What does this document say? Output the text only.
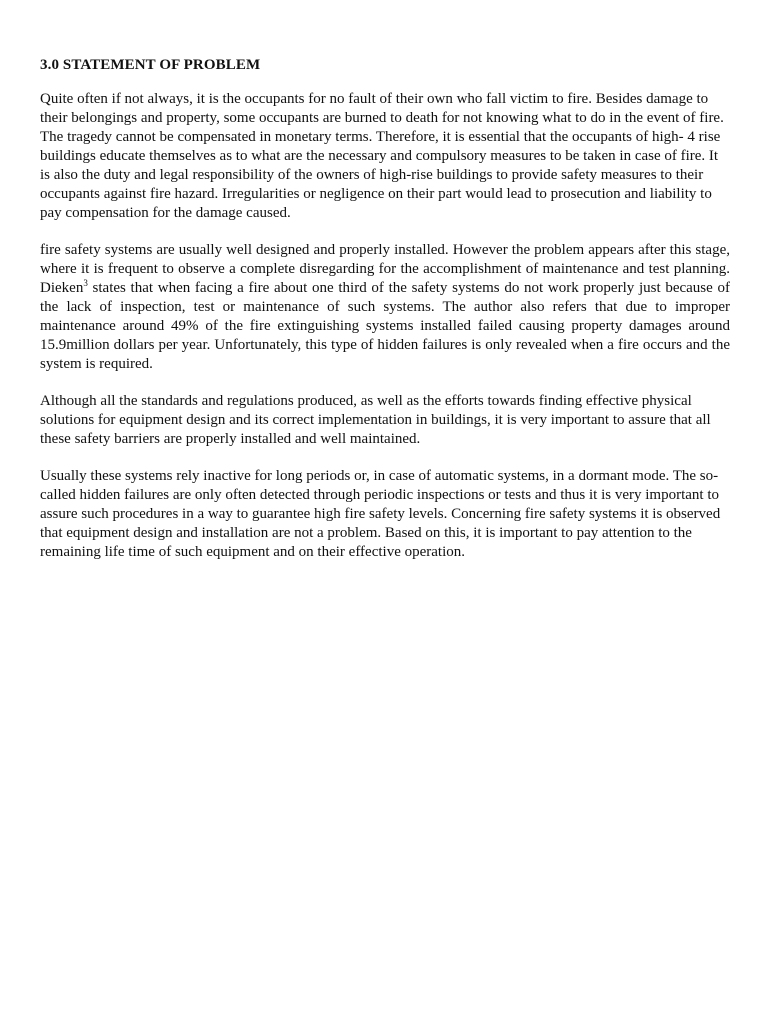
3.0 STATEMENT OF PROBLEM

Quite often if not always, it is the occupants for no fault of their own who fall victim to fire. Besides damage to their belongings and property, some occupants are burned to death for not knowing what to do in the event of fire. The tragedy cannot be compensated in monetary terms. Therefore, it is essential that the occupants of high- 4 rise buildings educate themselves as to what are the necessary and compulsory measures to be taken in case of fire. It is also the duty and legal responsibility of the owners of high-rise buildings to provide safety measures to their occupants against fire hazard. Irregularities or negligence on their part would lead to prosecution and liability to pay compensation for the damage caused.

fire safety systems are usually well designed and properly installed. However the problem appears after this stage, where it is frequent to observe a complete disregarding for the accomplishment of maintenance and test planning. Dieken$^3$ states that when facing a fire about one third of the safety systems do not work properly just because of the lack of inspection, test or maintenance of such systems. The author also refers that due to improper maintenance around 49% of the fire extinguishing systems installed failed causing property damages around 15.9million dollars per year. Unfortunately, this type of hidden failures is only revealed when a fire occurs and the system is required.

Although all the standards and regulations produced, as well as the efforts towards finding effective physical solutions for equipment design and its correct implementation in buildings, it is very important to assure that all these safety barriers are properly installed and well maintained.

Usually these systems rely inactive for long periods or, in case of automatic systems, in a dormant mode. The so-called hidden failures are only often detected through periodic inspections or tests and thus it is very important to assure such procedures in a way to guarantee high fire safety levels. Concerning fire safety systems it is observed that equipment design and installation are not a problem. Based on this, it is important to pay attention to the remaining life time of such equipment and on their effective operation.
